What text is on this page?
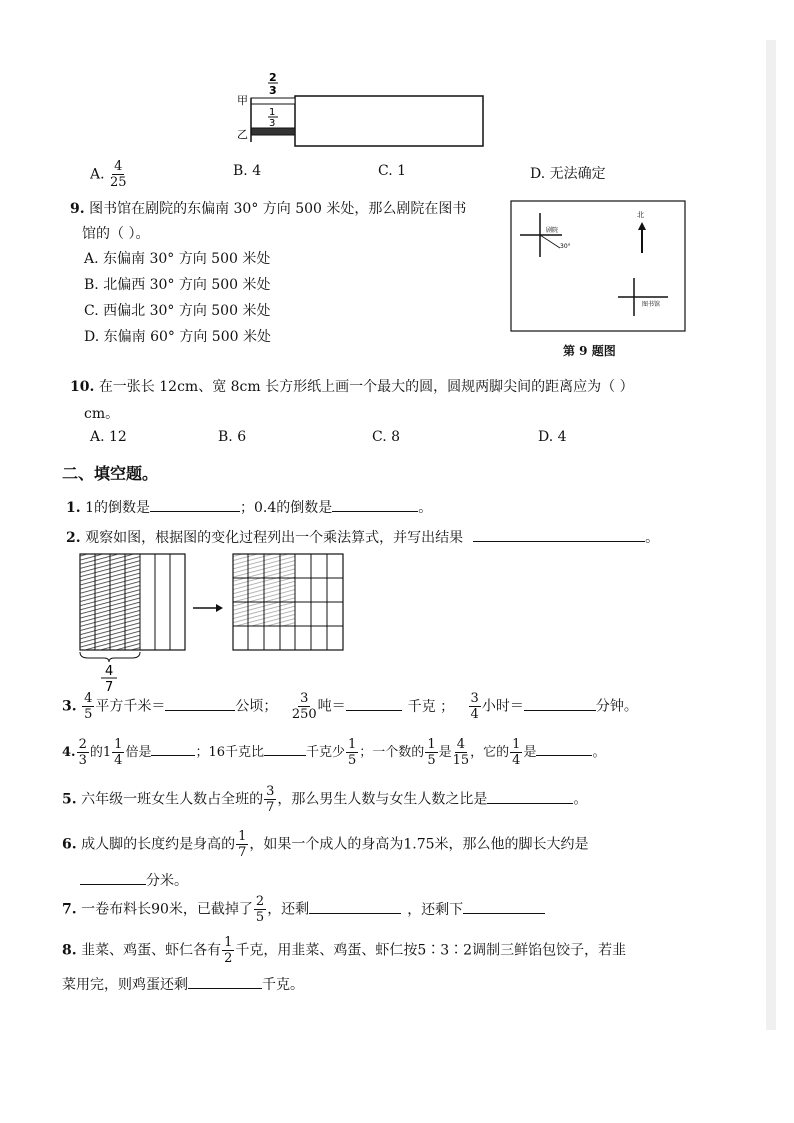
甲
乙
2
3
1
3
A. $\frac{4}{25}$	B. 4	C. 1	D. 无法确定
9. 图书馆在剧院的东偏南 30° 方向 500 米处，那么剧院在图书
馆的（ ）。
A. 东偏南 30° 方向 500 米处
B. 北偏西 30° 方向 500 米处
C. 西偏北 30° 方向 500 米处
D. 东偏南 60° 方向 500 米处
剧院
30°
北
图书馆
第 9 题图
10. 在一张长 12cm、宽 8cm 长方形纸上画一个最大的圆，圆规两脚尖间的距离应为（ ）
cm。
A. 12	B. 6	C. 8	D. 4
二、填空题。
1. 1的倒数是	；0.4的倒数是	。
2. 观察如图，根据图的变化过程列出一个乘法算式，并写出结果	。
4
7
3. $\frac{4}{5}$ 平方千米＝	公顷； $\frac{3}{250}$ 吨＝	千克 ； $\frac{3}{4}$ 小时＝	分钟。
4. $\frac{2}{3}$ 的$1 \frac{1}{4}$ 倍是	；16千克比	千克少 $\frac{1}{5}$ ；一个数的 $\frac{1}{5}$ 是 $\frac{4}{15}$ ，它的 $\frac{1}{4}$ 是	。
5. 六年级一班女生人数占全班的 $\frac{3}{7}$ ，那么男生人数与女生人数之比是	。
6. 成人脚的长度约是身高的 $\frac{1}{7}$ ，如果一个成人的身高为1.75米，那么他的脚长大约是
分米。
7. 一卷布料长90米，已截掉了 $\frac{2}{5}$ ，还剩	，还剩下
8. 韭菜、鸡蛋、虾仁各有 $\frac{1}{2}$ 千克，用韭菜、鸡蛋、虾仁按5∶3∶2调制三鲜馅包饺子，若韭
菜用完，则鸡蛋还剩	千克。
